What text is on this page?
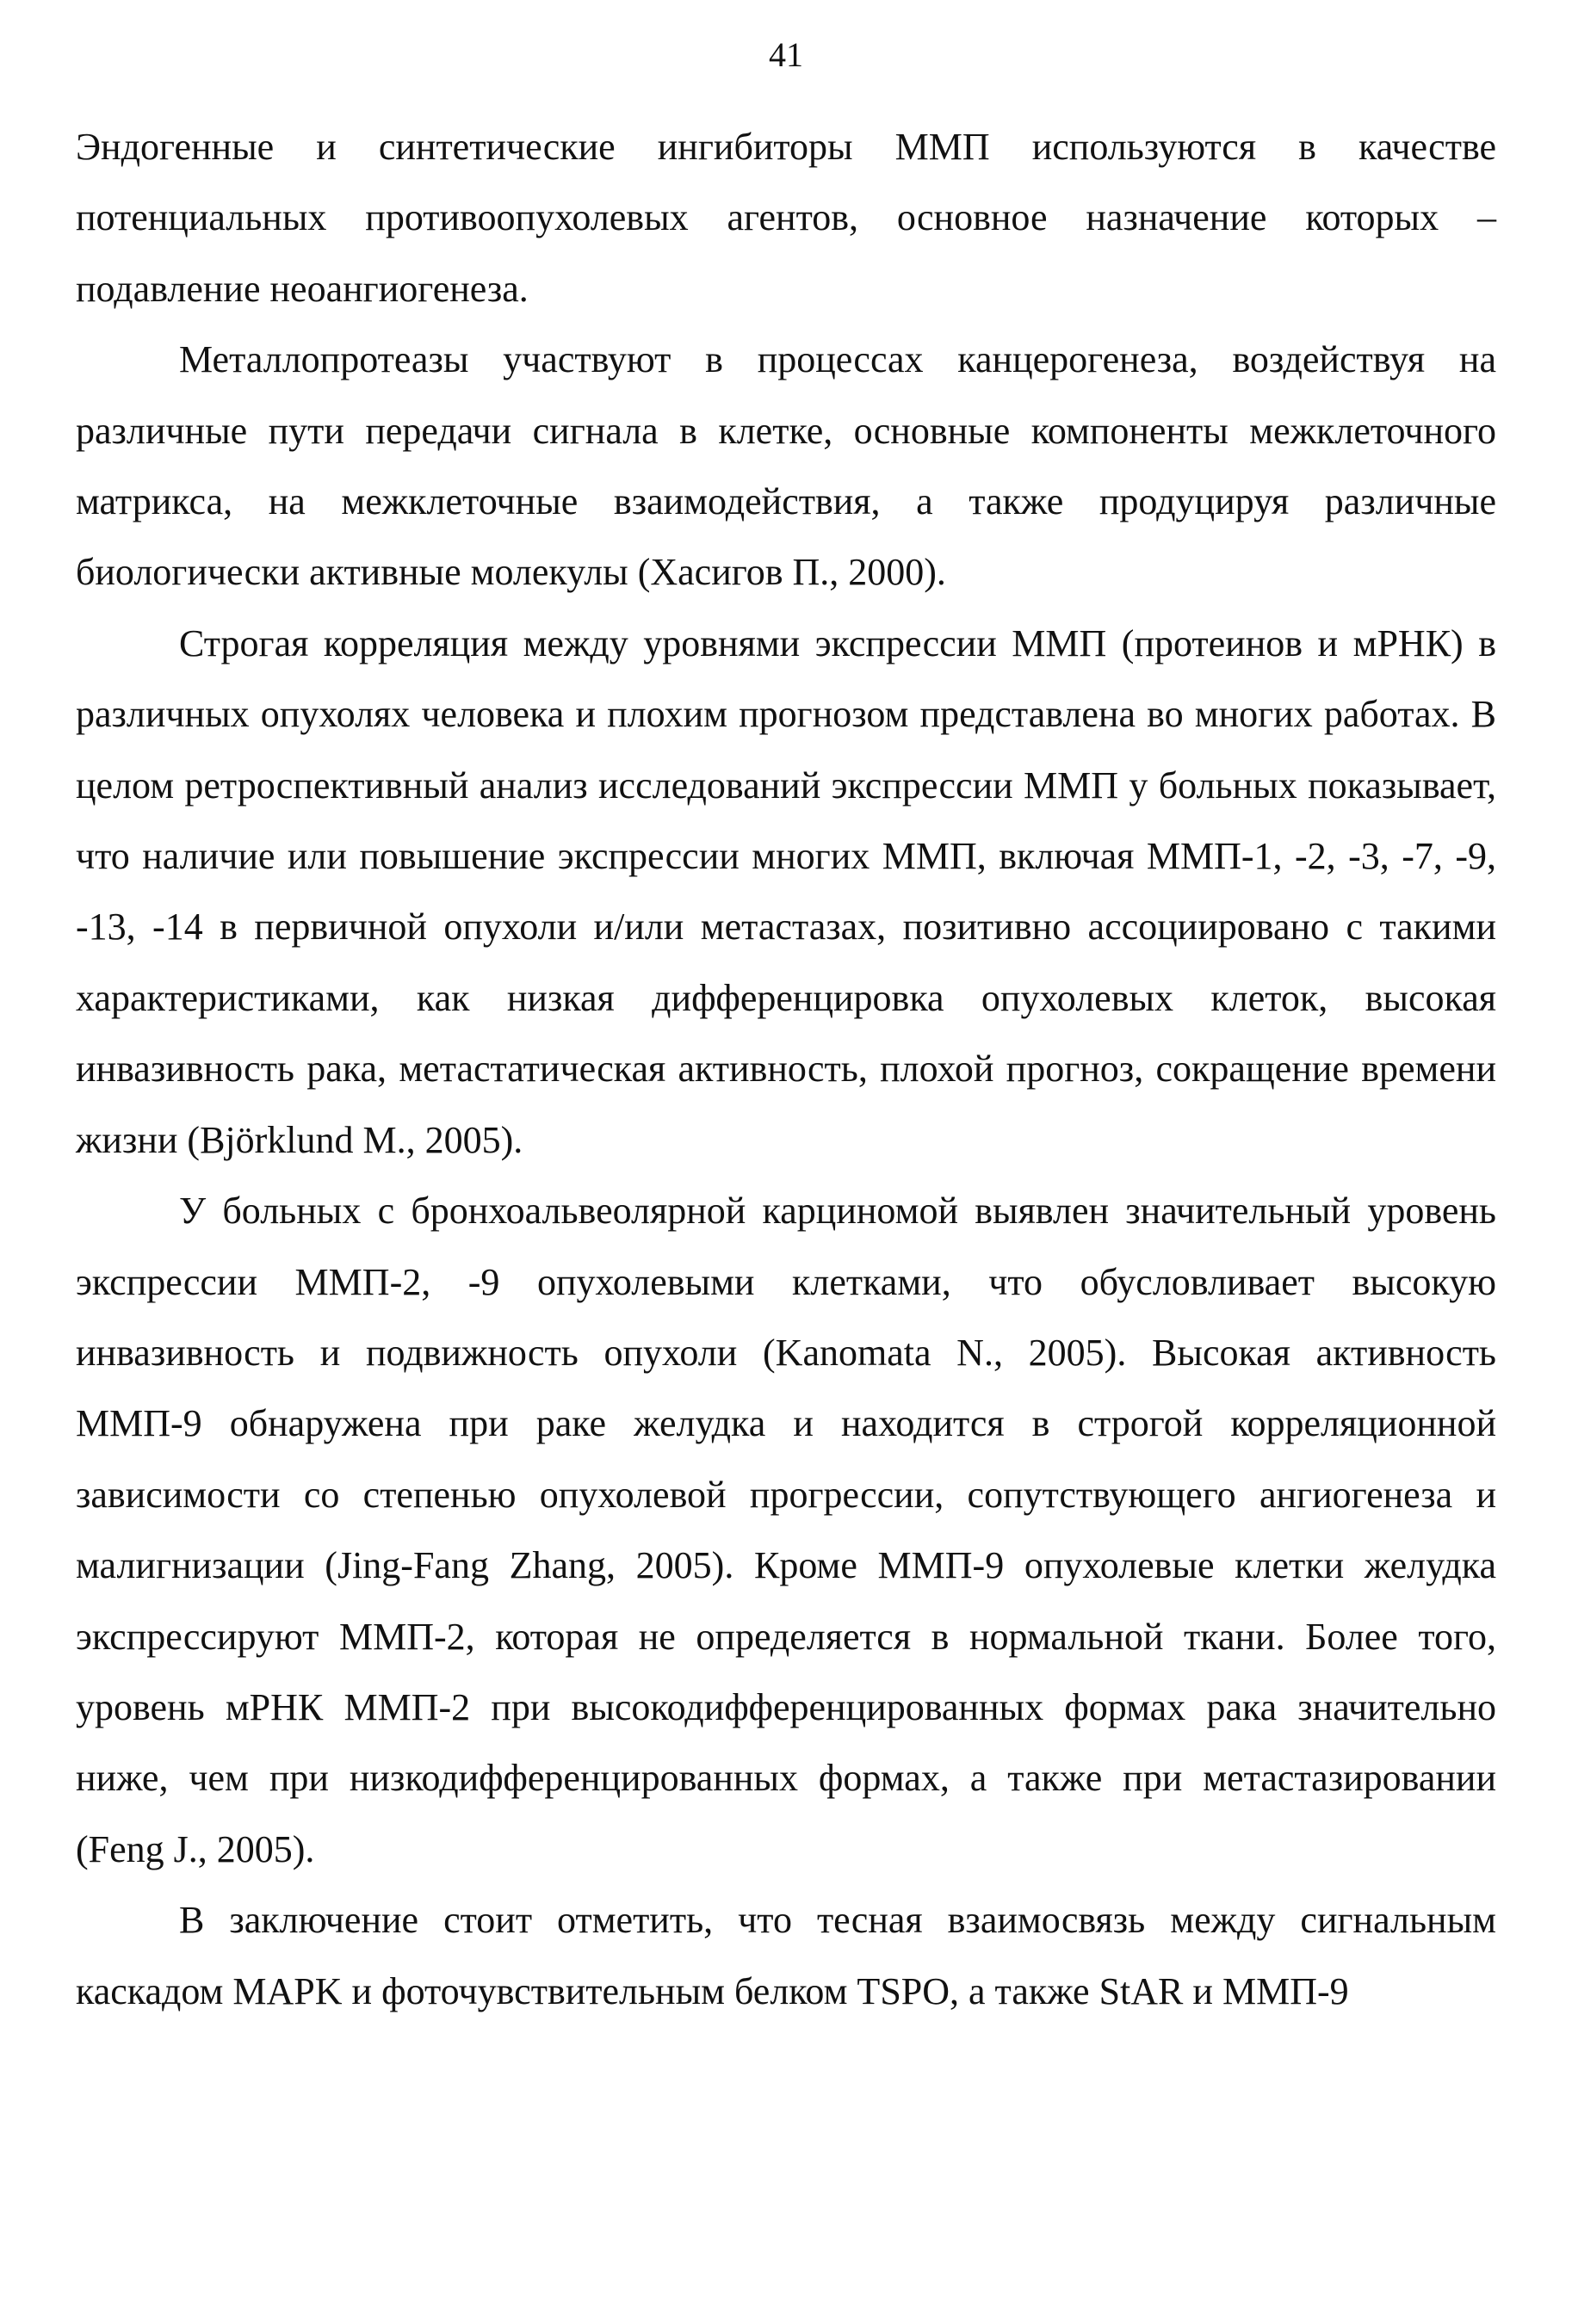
41

Эндогенные и синтетические ингибиторы ММП используются в качестве потенциальных противоопухолевых агентов, основное назначение которых – подавление неоангиогенеза.

Металлопротеазы участвуют в процессах канцерогенеза, воздействуя на различные пути передачи сигнала в клетке, основные компоненты межклеточного матрикса, на межклеточные взаимодействия, а также продуцируя различные биологически активные молекулы (Хасигов П., 2000).

Строгая корреляция между уровнями экспрессии ММП (протеинов и мРНК) в различных опухолях человека и плохим прогнозом представлена во многих работах. В целом ретроспективный анализ исследований экспрессии ММП у больных показывает, что наличие или повышение экспрессии многих ММП, включая ММП-1, -2, -3, -7, -9, -13, -14 в первичной опухоли и/или метастазах, позитивно ассоциировано с такими характеристиками, как низкая дифференцировка опухолевых клеток, высокая инвазивность рака, метастатическая активность, плохой прогноз, сокращение времени жизни (Björklund M., 2005).

У больных с бронхоальвеолярной карциномой выявлен значительный уровень экспрессии ММП-2, -9 опухолевыми клетками, что обусловливает высокую инвазивность и подвижность опухоли (Kanomata N., 2005). Высокая активность ММП-9 обнаружена при раке желудка и находится в строгой корреляционной зависимости со степенью опухолевой прогрессии, сопутствующего ангиогенеза и малигнизации (Jing-Fang Zhang, 2005). Кроме ММП-9 опухолевые клетки желудка экспрессируют ММП-2, которая не определяется в нормальной ткани. Более того, уровень мРНК ММП-2 при высокодифференцированных формах рака значительно ниже, чем при низкодифференцированных формах, а также при метастазировании (Feng J., 2005).

В заключение стоит отметить, что тесная взаимосвязь между сигнальным каскадом MAPK и фоточувствительным белком TSPO, а также StAR и ММП-9
